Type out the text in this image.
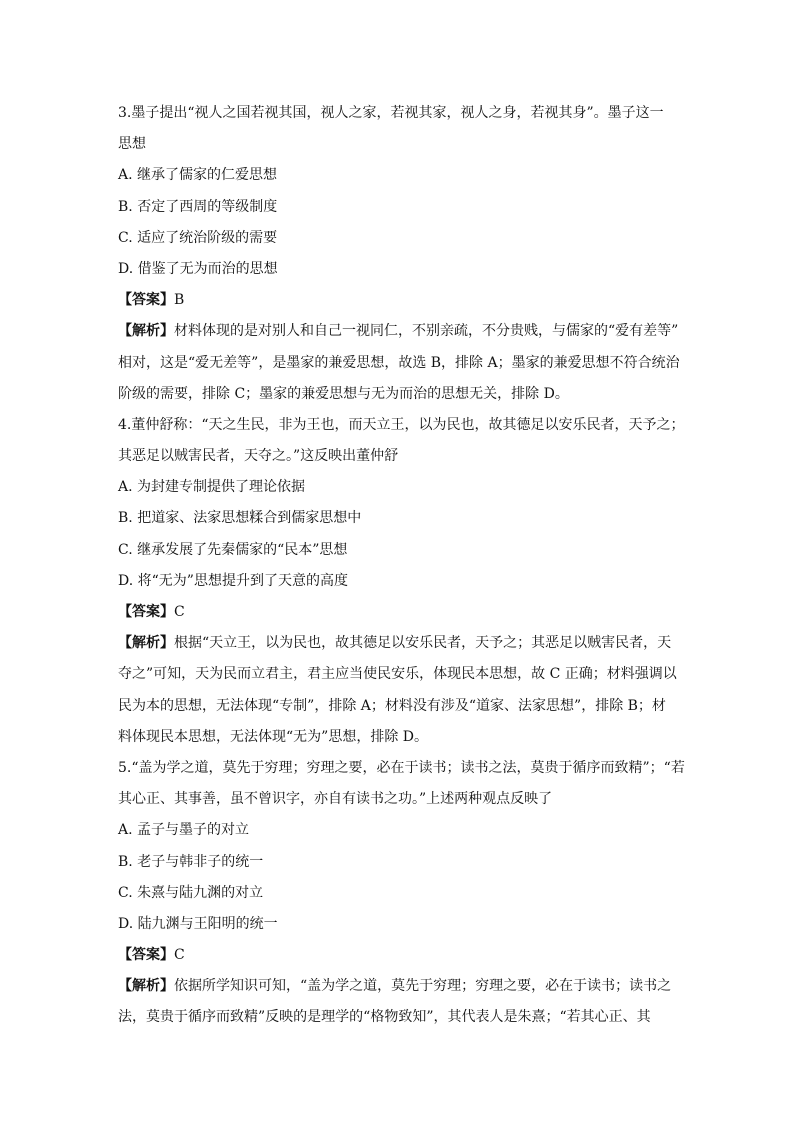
3.墨子提出“视人之国若视其国，视人之家，若视其家，视人之身，若视其身”。墨子这一
思想
A. 继承了儒家的仁爱思想
B. 否定了西周的等级制度
C. 适应了统治阶级的需要
D. 借鉴了无为而治的思想
【答案】B
【解析】材料体现的是对别人和自己一视同仁，不别亲疏，不分贵贱，与儒家的“爱有差等”
相对，这是“爱无差等”，是墨家的兼爱思想，故选 B，排除 A；墨家的兼爱思想不符合统治
阶级的需要，排除 C；墨家的兼爱思想与无为而治的思想无关，排除 D。
4.董仲舒称：“天之生民，非为王也，而天立王，以为民也，故其德足以安乐民者，天予之；
其恶足以贼害民者，天夺之。”这反映出董仲舒
A. 为封建专制提供了理论依据
B. 把道家、法家思想糅合到儒家思想中
C. 继承发展了先秦儒家的“民本”思想
D. 将“无为”思想提升到了天意的高度
【答案】C
【解析】根据“天立王，以为民也，故其德足以安乐民者，天予之；其恶足以贼害民者，天
夺之”可知，天为民而立君主，君主应当使民安乐，体现民本思想，故 C 正确；材料强调以
民为本的思想，无法体现“专制”，排除 A；材料没有涉及“道家、法家思想”，排除 B；材
料体现民本思想，无法体现“无为”思想，排除 D。
5.“盖为学之道，莫先于穷理；穷理之要，必在于读书；读书之法，莫贵于循序而致精”；“若
其心正、其事善，虽不曾识字，亦自有读书之功。”上述两种观点反映了
A. 孟子与墨子的对立
B. 老子与韩非子的统一
C. 朱熹与陆九渊的对立
D. 陆九渊与王阳明的统一
【答案】C
【解析】依据所学知识可知，“盖为学之道，莫先于穷理；穷理之要，必在于读书；读书之
法，莫贵于循序而致精”反映的是理学的“格物致知”，其代表人是朱熹；“若其心正、其
